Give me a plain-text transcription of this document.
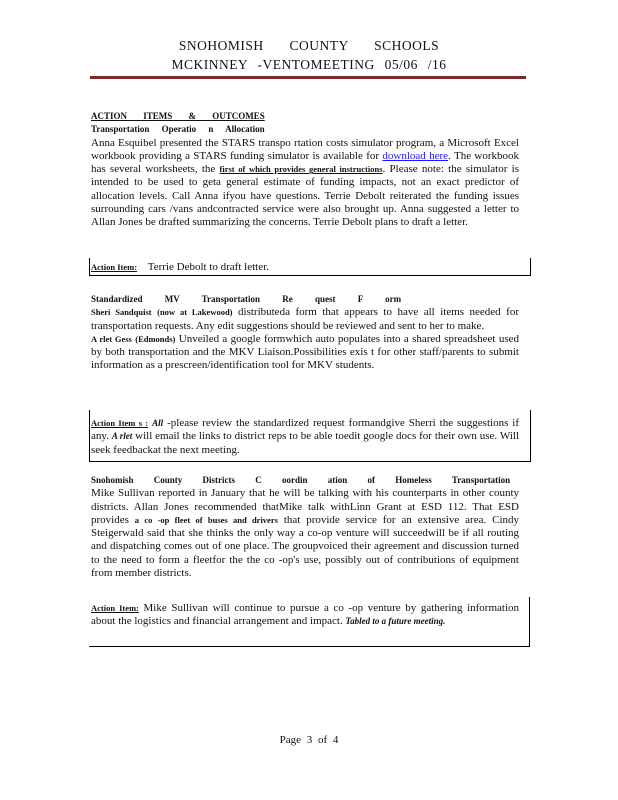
SNOHOMISH COUNTY SCHOOLS
MCKINNEY -VENTOMEETING 05/06 /16
ACTION ITEMS & OUTCOMES
Transportation Operatio n Allocation

Anna Esquibel presented the STARS transpo rtation costs simulator program, a Microsoft Excel workbook providing a STARS funding simulator is available for download here. The workbook has several worksheets, the first of which provides general instructions. Please note: the simulator is intended to be used to geta general estimate of funding impacts, not an exact predictor of allocation levels. Call Anna ifyou have questions. Terrie Debolt reiterated the funding issues surrounding cars /vans andcontracted service were also brought up. Anna suggested a letter to Allan Jones be drafted summarizing the concerns. Terrie Debolt plans to draft a letter.

Action Item: Terrie Debolt to draft letter.
Standardized MV Transportation Re quest F orm

Sheri Sandquist (now at Lakewood) distributeda form that appears to have all items needed for transportation requests. Any edit suggestions should be reviewed and sent to her to make.

A rlet Gess (Edmonds) Unveiled a google formwhich auto populates into a shared spreadsheet used by both transportation and the MKV Liaison.Possibilities exis t for other staff/parents to submit information as a prescreen/identification tool for MKV students.

Action Item s : All -please review the standardized request formandgive Sherri the suggestions if any. A rlet will email the links to district reps to be able toedit google docs for their own use. Will seek feedbackat the next meeting.

Snohomish County Districts C oordin ation of Homeless Transportation

Mike Sullivan reported in January that he will be talking with his counterparts in other county districts. Allan Jones recommended thatMike talk withLinn Grant at ESD 112. That ESD provides a co -op fleet of buses and drivers that provide service for an extensive area. Cindy Steigerwald said that she thinks the only way a co-op venture will succeedwill be if all routing and dispatching comes out of one place. The groupvoiced their agreement and discussion turned to the need to form a fleetfor the the co -op's use, possibly out of contributions of equipment from member districts.

Action Item: Mike Sullivan will continue to pursue a co -op venture by gathering information about the logistics and financial arrangement and impact. Tabled to a future meeting.

Page 3 of 4
